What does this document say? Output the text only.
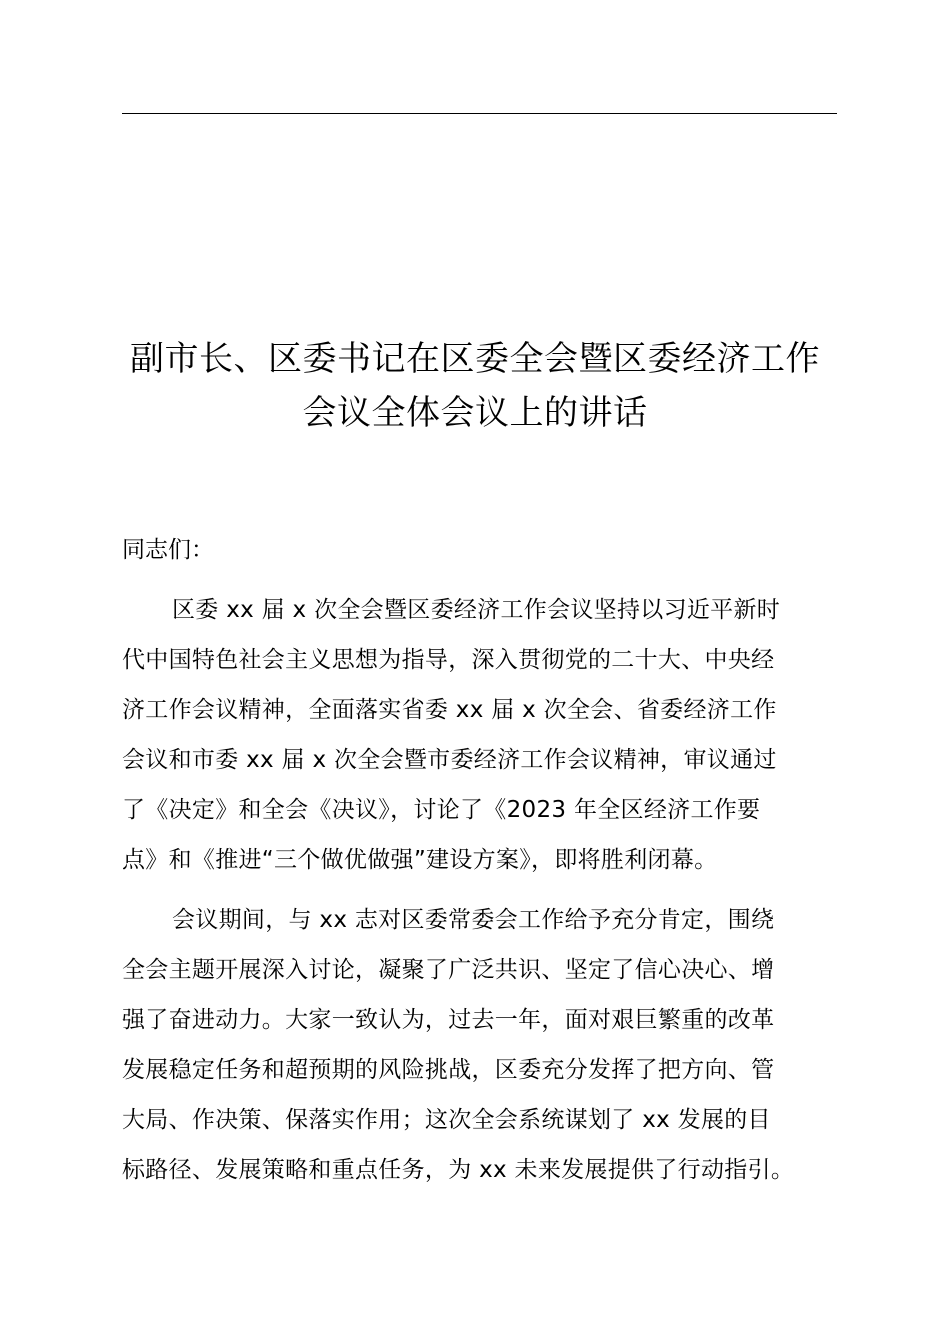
副市长、区委书记在区委全会暨区委经济工作
会议全体会议上的讲话
同志们：
区委 xx 届 x 次全会暨区委经济工作会议坚持以习近平新时
代中国特色社会主义思想为指导，深入贯彻党的二十大、中央经
济工作会议精神，全面落实省委 xx 届 x 次全会、省委经济工作
会议和市委 xx 届 x 次全会暨市委经济工作会议精神，审议通过
了《决定》和全会《决议》，讨论了《2023 年全区经济工作要
点》和《推进“三个做优做强”建设方案》，即将胜利闭幕。
会议期间，与 xx 志对区委常委会工作给予充分肯定，围绕
全会主题开展深入讨论，凝聚了广泛共识、坚定了信心决心、增
强了奋进动力。大家一致认为，过去一年，面对艰巨繁重的改革
发展稳定任务和超预期的风险挑战，区委充分发挥了把方向、管
大局、作决策、保落实作用；这次全会系统谋划了 xx 发展的目
标路径、发展策略和重点任务，为 xx 未来发展提供了行动指引。
